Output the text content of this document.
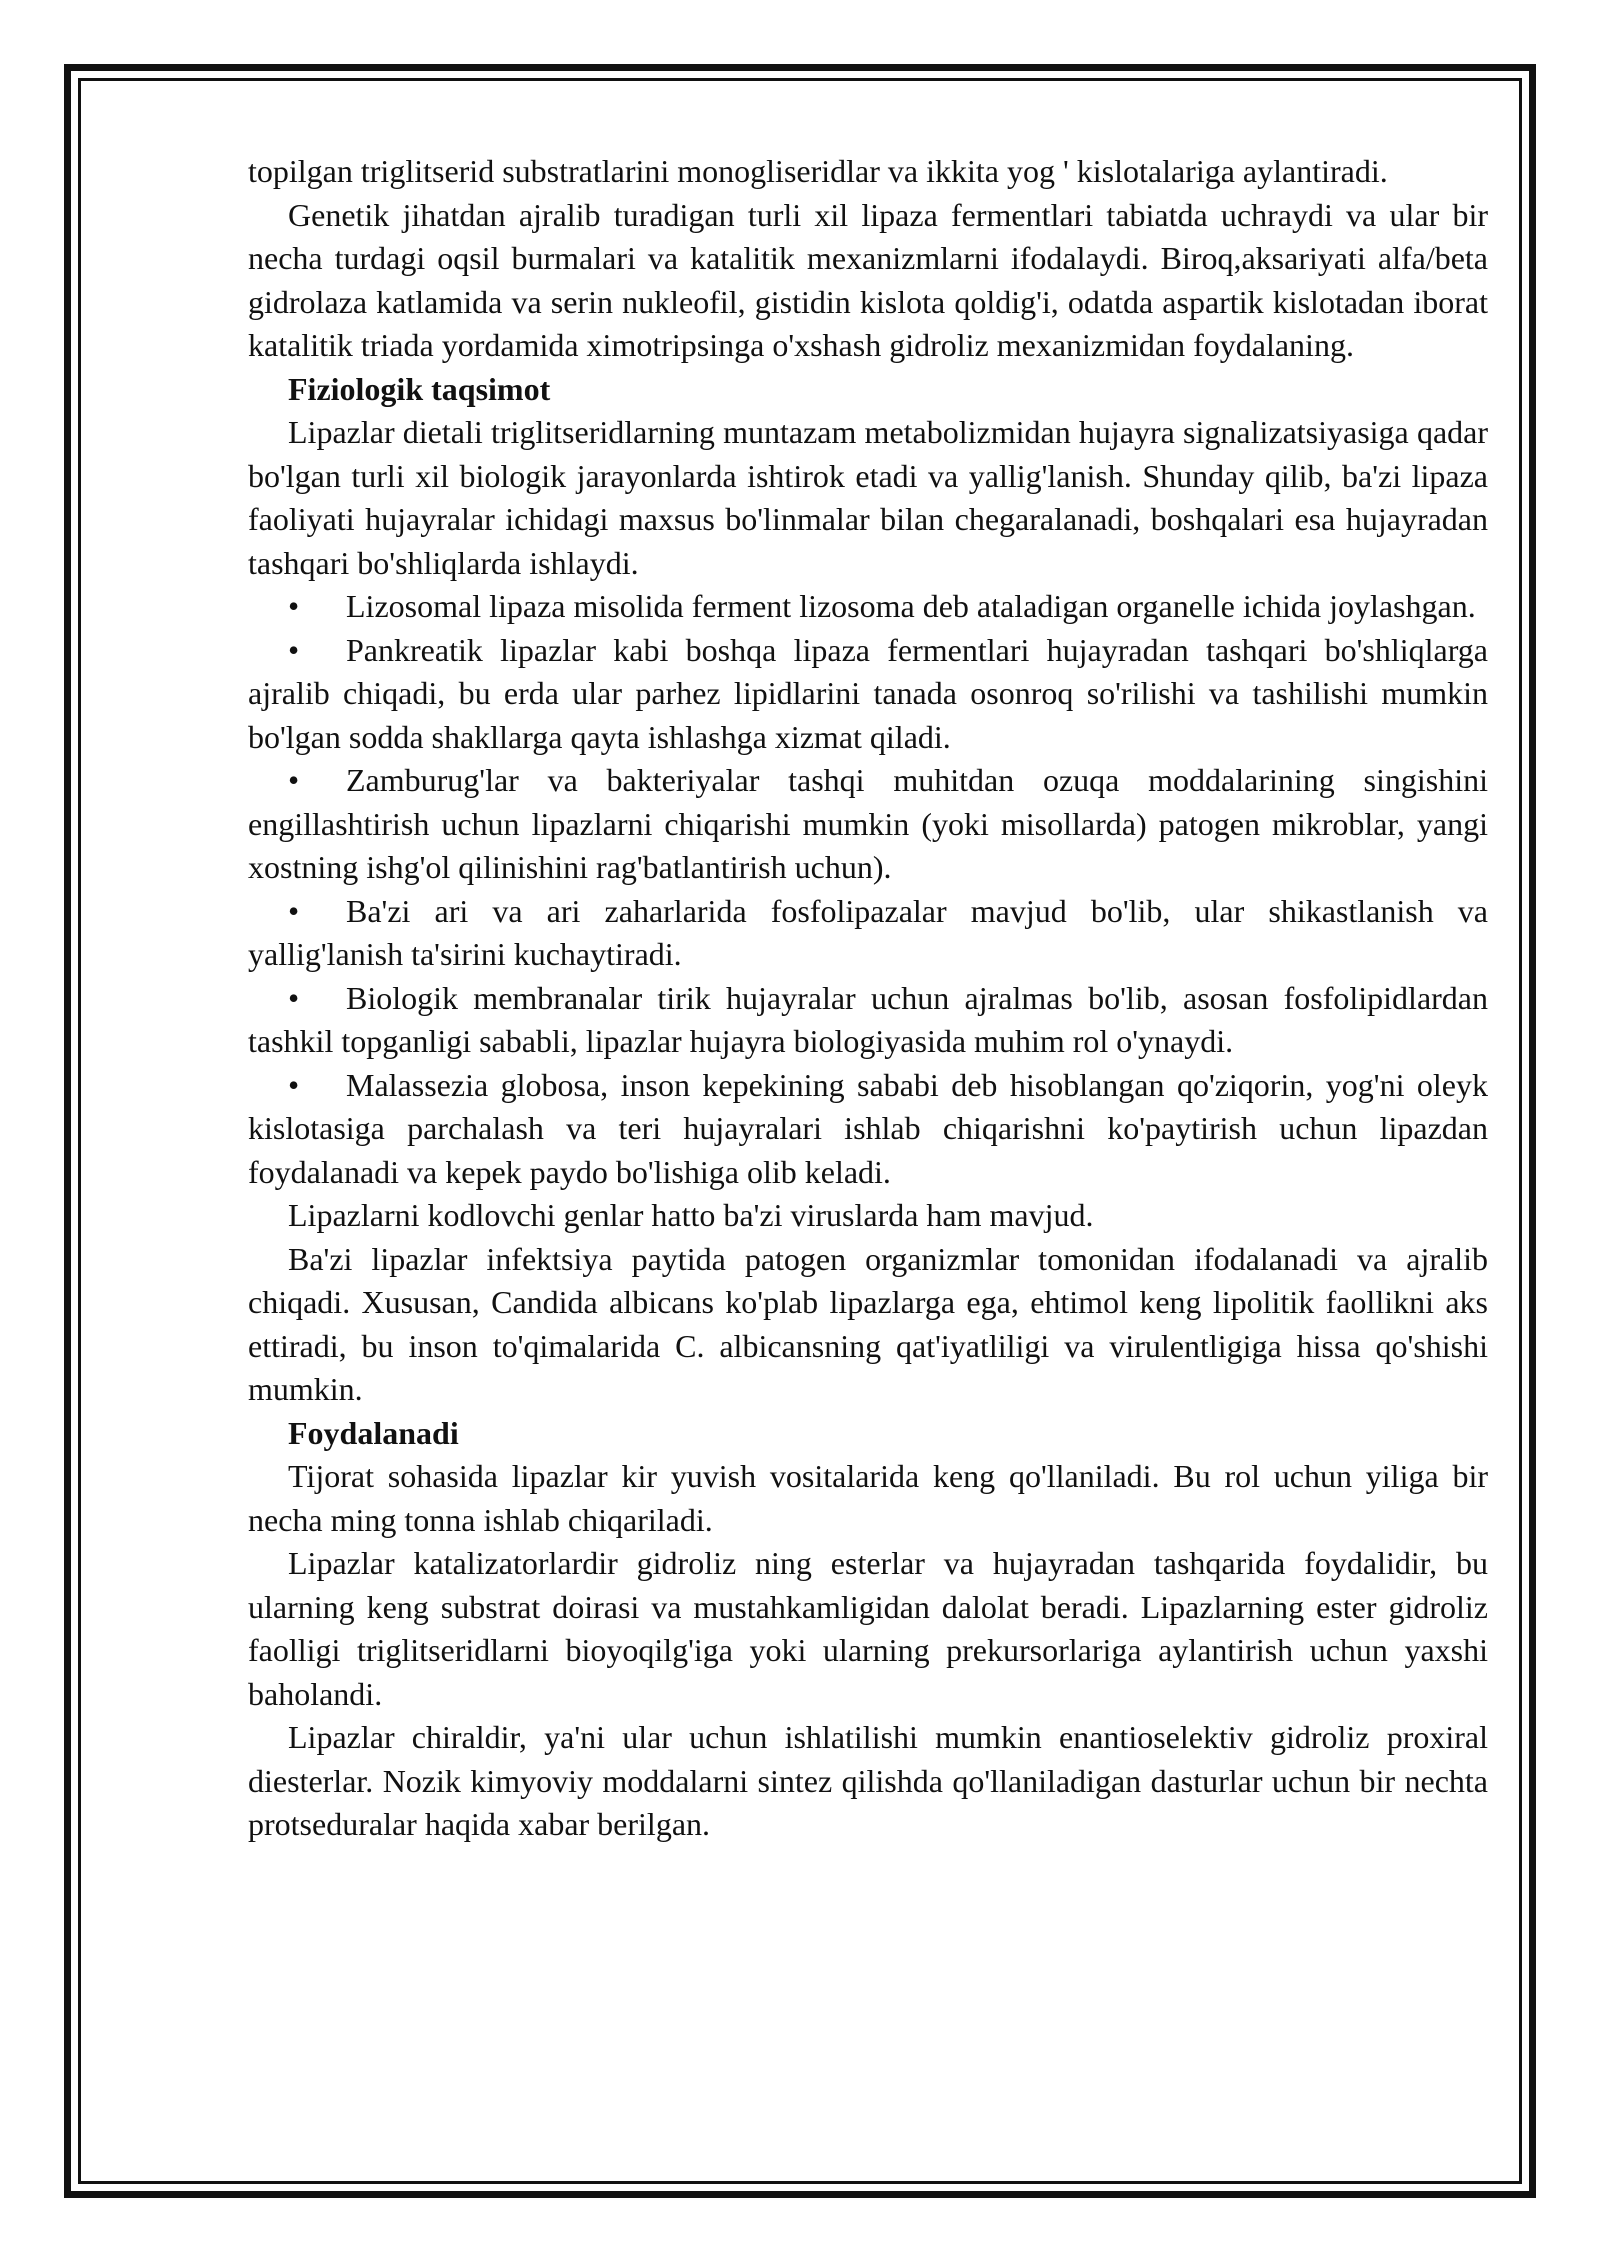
topilgan triglitserid substratlarini monogliseridlar va ikkita yog ' kislotalariga aylantiradi.

Genetik jihatdan ajralib turadigan turli xil lipaza fermentlari tabiatda uchraydi va ular bir necha turdagi oqsil burmalari va katalitik mexanizmlarni ifodalaydi. Biroq,aksariyati alfa/beta gidrolaza katlamida va serin nukleofil, gistidin kislota qoldig'i, odatda aspartik kislotadan iborat katalitik triada yordamida ximotripsinga o'xshash gidroliz mexanizmidan foydalaning.

Fiziologik taqsimot

Lipazlar dietali triglitseridlarning muntazam metabolizmidan hujayra signalizatsiyasiga qadar bo'lgan turli xil biologik jarayonlarda ishtirok etadi va yallig'lanish. Shunday qilib, ba'zi lipaza faoliyati hujayralar ichidagi maxsus bo'linmalar bilan chegaralanadi, boshqalari esa hujayradan tashqari bo'shliqlarda ishlaydi.

• Lizosomal lipaza misolida ferment lizosoma deb ataladigan organelle ichida joylashgan.

• Pankreatik lipazlar kabi boshqa lipaza fermentlari hujayradan tashqari bo'shliqlarga ajralib chiqadi, bu erda ular parhez lipidlarini tanada osonroq so'rilishi va tashilishi mumkin bo'lgan sodda shakllarga qayta ishlashga xizmat qiladi.

• Zamburug'lar va bakteriyalar tashqi muhitdan ozuqa moddalarining singishini engillashtirish uchun lipazlarni chiqarishi mumkin (yoki misollarda) patogen mikroblar, yangi xostning ishg'ol qilinishini rag'batlantirish uchun).

• Ba'zi ari va ari zaharlarida fosfolipazalar mavjud bo'lib, ular shikastlanish va yallig'lanish ta'sirini kuchaytiradi.

• Biologik membranalar tirik hujayralar uchun ajralmas bo'lib, asosan fosfolipidlardan tashkil topganligi sababli, lipazlar hujayra biologiyasida muhim rol o'ynaydi.

• Malassezia globosa, inson kepekining sababi deb hisoblangan qo'ziqorin, yog'ni oleyk kislotasiga parchalash va teri hujayralari ishlab chiqarishni ko'paytirish uchun lipazdan foydalanadi va kepek paydo bo'lishiga olib keladi.

Lipazlarni kodlovchi genlar hatto ba'zi viruslarda ham mavjud.

Ba'zi lipazlar infektsiya paytida patogen organizmlar tomonidan ifodalanadi va ajralib chiqadi. Xususan, Candida albicans ko'plab lipazlarga ega, ehtimol keng lipolitik faollikni aks ettiradi, bu inson to'qimalarida C. albicansning qat'iyatliligi va virulentligiga hissa qo'shishi mumkin.

Foydalanadi

Tijorat sohasida lipazlar kir yuvish vositalarida keng qo'llaniladi. Bu rol uchun yiliga bir necha ming tonna ishlab chiqariladi.

Lipazlar katalizatorlardir gidroliz ning esterlar va hujayradan tashqarida foydalidir, bu ularning keng substrat doirasi va mustahkamligidan dalolat beradi. Lipazlarning ester gidroliz faolligi triglitseridlarni bioyoqilg'iga yoki ularning prekursorlariga aylantirish uchun yaxshi baholandi.

Lipazlar chiraldir, ya'ni ular uchun ishlatilishi mumkin enantioselektiv gidroliz proxiral diesterlar. Nozik kimyoviy moddalarni sintez qilishda qo'llaniladigan dasturlar uchun bir nechta protseduralar haqida xabar berilgan.
